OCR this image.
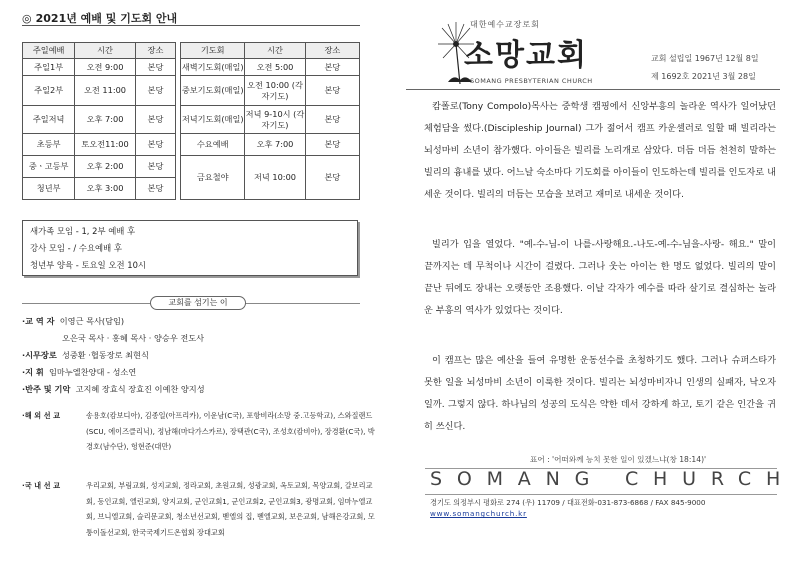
◎ 2021년 예배 및 기도회 안내
주일예배	시간	장소		기도회	시간	장소
주일1부	오전 9:00	본당		새벽기도회(매일)	오전 5:00	본당
주일2부	오전 11:00	본당		중보기도회(매일)	오전 10:00 (각자기도)	본당
주일저녁	오후 7:00	본당		저녁기도회(매일)	저녁 9-10시 (각자기도)	본당
초등부	토오전11:00	본당		수요예배	오후 7:00	본당
중ㆍ고등부	오후 2:00	본당		금요철야	저녁 10:00	본당
청년부	오후 3:00	본당				
새가족 모임 - 1, 2부 예배 후
강사 모임 - / 수요예배 후
청년부 양육 - 토요일 오전 10시
교회를 섬기는 이
·교 역 자 이영근 목사(담임)
오은국 목사 · 홍혜 목사 · 양승우 전도사
·시무장로 성중환 ·협동장로 최현식
·지 휘 임마누엘찬양대 - 성소연
·반주 및 기악 고지혜 장효식 장효진 이예찬 양지성
·해 외 선 교	송용호(캄보디아), 김종일(아프리카), 이운남(C국), 포항비라(소망 중.고등학교), 스와질랜드(SCU, 에이즈클리닉), 정남해(마다가스카르), 장택관(C국), 조성호(캄비아), 장경환(C국), 박경호(남수단), 헝현준(대만)
·국 내 선 교	우리교회, 부림교회, 성지교회, 정라교회, 초원교회, 성광교회, 옥토교회, 목양교회, 갈보리교회, 동인교회, 엘린교회, 양지교회, 군인교회1, 군인교회2, 군인교회3, 광명교회, 임마누엘교회, 브니엘교회, 슬리문교회, 청소년선교회, 벧엘의 집, 벧엘교회, 보은교회, 남해은강교회, 모퉁이돌선교회, 한국국제기드온협회 장대교회
대한예수교장로회
소망교회
SOMANG PRESBYTERIAN CHURCH
교회 설립일 1967년 12월 8일
제 1692호 2021년 3월 28일

캄폴로(Tony Compolo)목사는 중학생 캠핑에서 신앙부흥의 놀라운 역사가 일어났던 체험담을 썼다.(Discipleship Journal) 그가 젊어서 캠프 카운셀러로 일할 때 빌리라는 뇌성마비 소년이 참가했다. 아이들은 빌리를 노리개로 삼았다. 더듬 더듬 천천히 말하는 빌리의 흉내를 냈다. 어느날 숙소마다 기도회를 아이들이 인도하는데 빌리를 인도자로 내세운 것이다. 빌리의 더듬는 모습을 보려고 재미로 내세운 것이다.

빌리가 입을 열었다. "예-수-님-이 나를-사랑해요.-나도-예-수-님을-사랑- 해요." 말이 끝까지는 데 무척이나 시간이 걸렸다. 그러나 웃는 아이는 한 명도 없었다. 빌리의 말이 끝난 뒤에도 장내는 오랫동안 조용했다. 이날 각자가 예수를 따라 살기로 결심하는 놀라운 부흥의 역사가 있었다는 것이다.

이 캠프는 많은 예산을 들여 유명한 운동선수를 초청하기도 했다. 그러나 슈퍼스타가 못한 일을 뇌성마비 소년이 이룩한 것이다. 빌리는 뇌성마비자니 인생의 실패자, 낙오자일까. 그렇지 않다. 하나님의 성공의 도식은 약한 데서 강하게 하고, 토기 같은 인간을 귀히 쓰신다.

표어 : '어떠와께 능치 못한 일이 있겠느냐(창 18:14)'
SOMANG CHURCH
경기도 의정부시 평화로 274 (우) 11709 / 대표전화-031-873-6868 / FAX 845-9000
www.somangchurch.kr
